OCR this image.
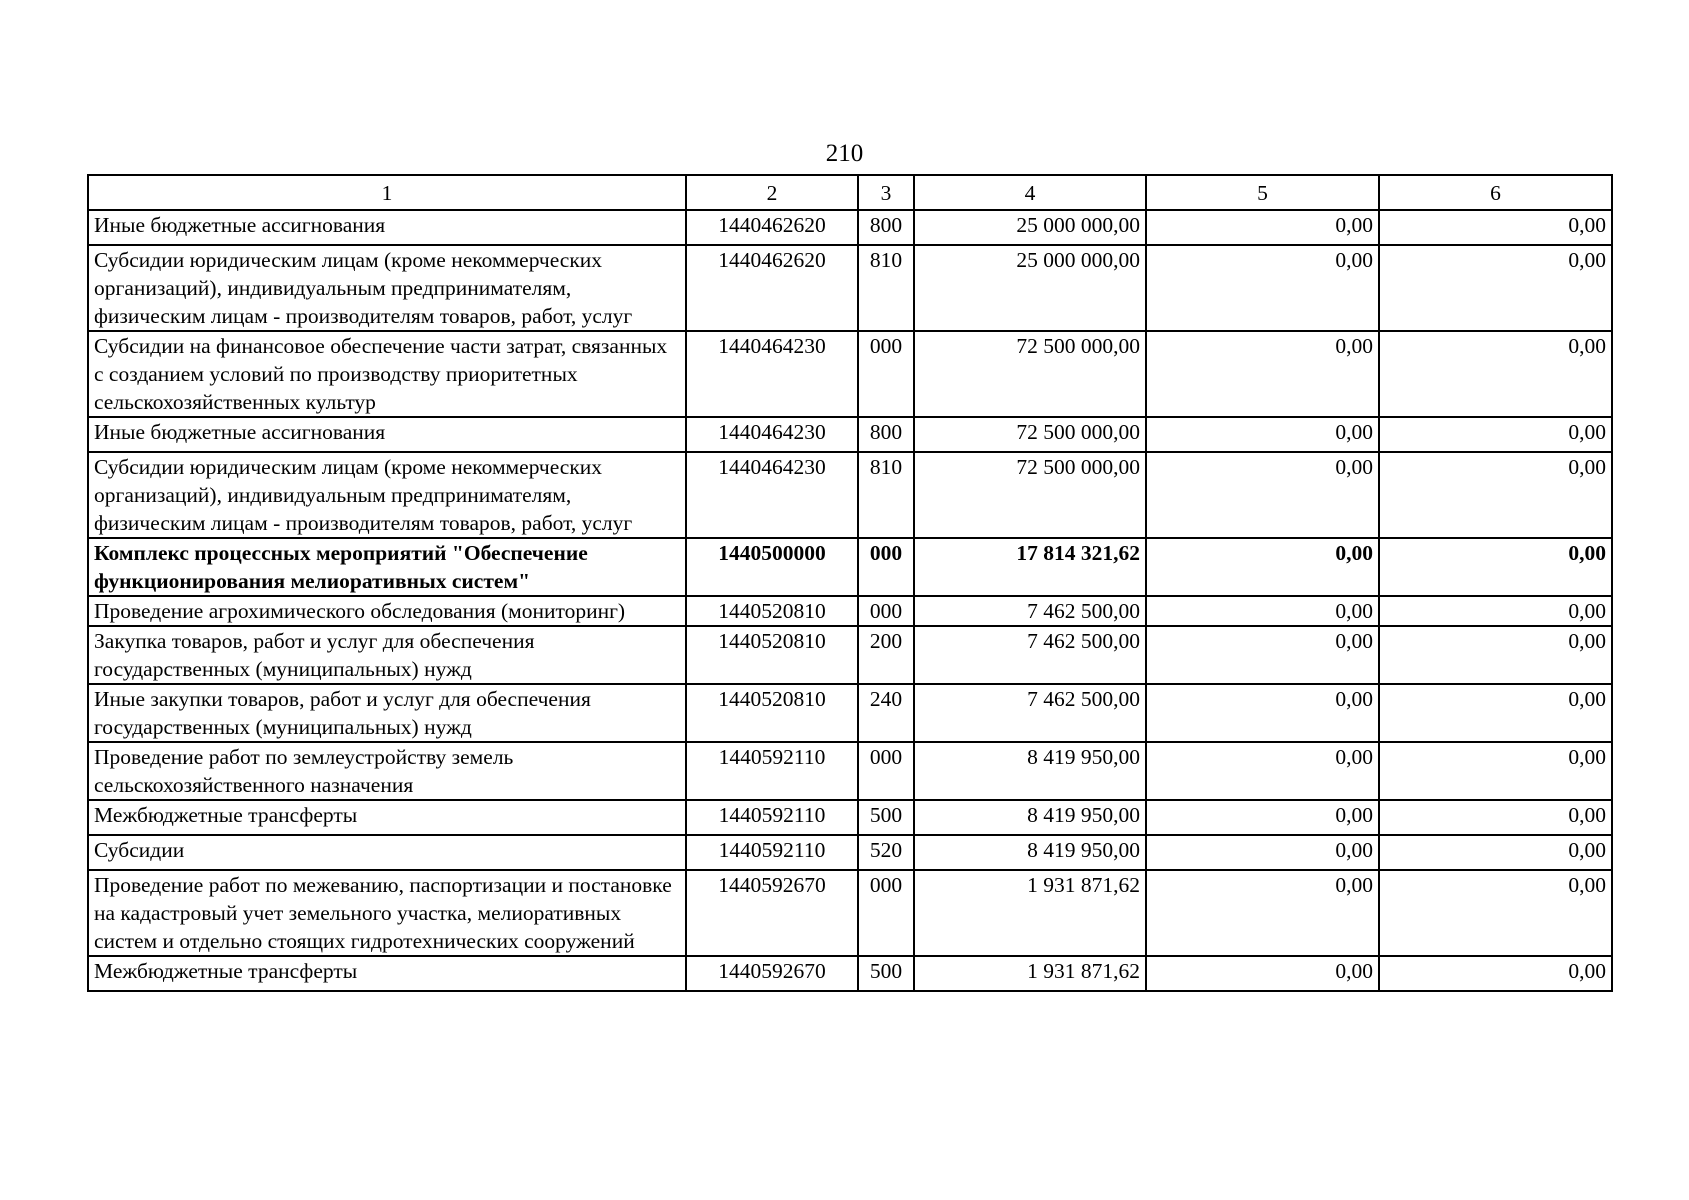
210
1	2	3	4	5	6
Иные бюджетные ассигнования	1440462620	800	25 000 000,00	0,00	0,00
Субсидии юридическим лицам (кроме некоммерческих организаций), индивидуальным предпринимателям, физическим лицам - производителям товаров, работ, услуг	1440462620	810	25 000 000,00	0,00	0,00
Субсидии на финансовое обеспечение части затрат, связанных с созданием условий по производству приоритетных сельскохозяйственных культур	1440464230	000	72 500 000,00	0,00	0,00
Иные бюджетные ассигнования	1440464230	800	72 500 000,00	0,00	0,00
Субсидии юридическим лицам (кроме некоммерческих организаций), индивидуальным предпринимателям, физическим лицам - производителям товаров, работ, услуг	1440464230	810	72 500 000,00	0,00	0,00
Комплекс процессных мероприятий "Обеспечение функционирования мелиоративных систем"	1440500000	000	17 814 321,62	0,00	0,00
Проведение агрохимического обследования (мониторинг)	1440520810	000	7 462 500,00	0,00	0,00
Закупка товаров, работ и услуг для обеспечения государственных (муниципальных) нужд	1440520810	200	7 462 500,00	0,00	0,00
Иные закупки товаров, работ и услуг для обеспечения государственных (муниципальных) нужд	1440520810	240	7 462 500,00	0,00	0,00
Проведение работ по землеустройству земель сельскохозяйственного назначения	1440592110	000	8 419 950,00	0,00	0,00
Межбюджетные трансферты	1440592110	500	8 419 950,00	0,00	0,00
Субсидии	1440592110	520	8 419 950,00	0,00	0,00
Проведение работ по межеванию, паспортизации и постановке на кадастровый учет земельного участка, мелиоративных систем и отдельно стоящих гидротехнических сооружений	1440592670	000	1 931 871,62	0,00	0,00
Межбюджетные трансферты	1440592670	500	1 931 871,62	0,00	0,00
